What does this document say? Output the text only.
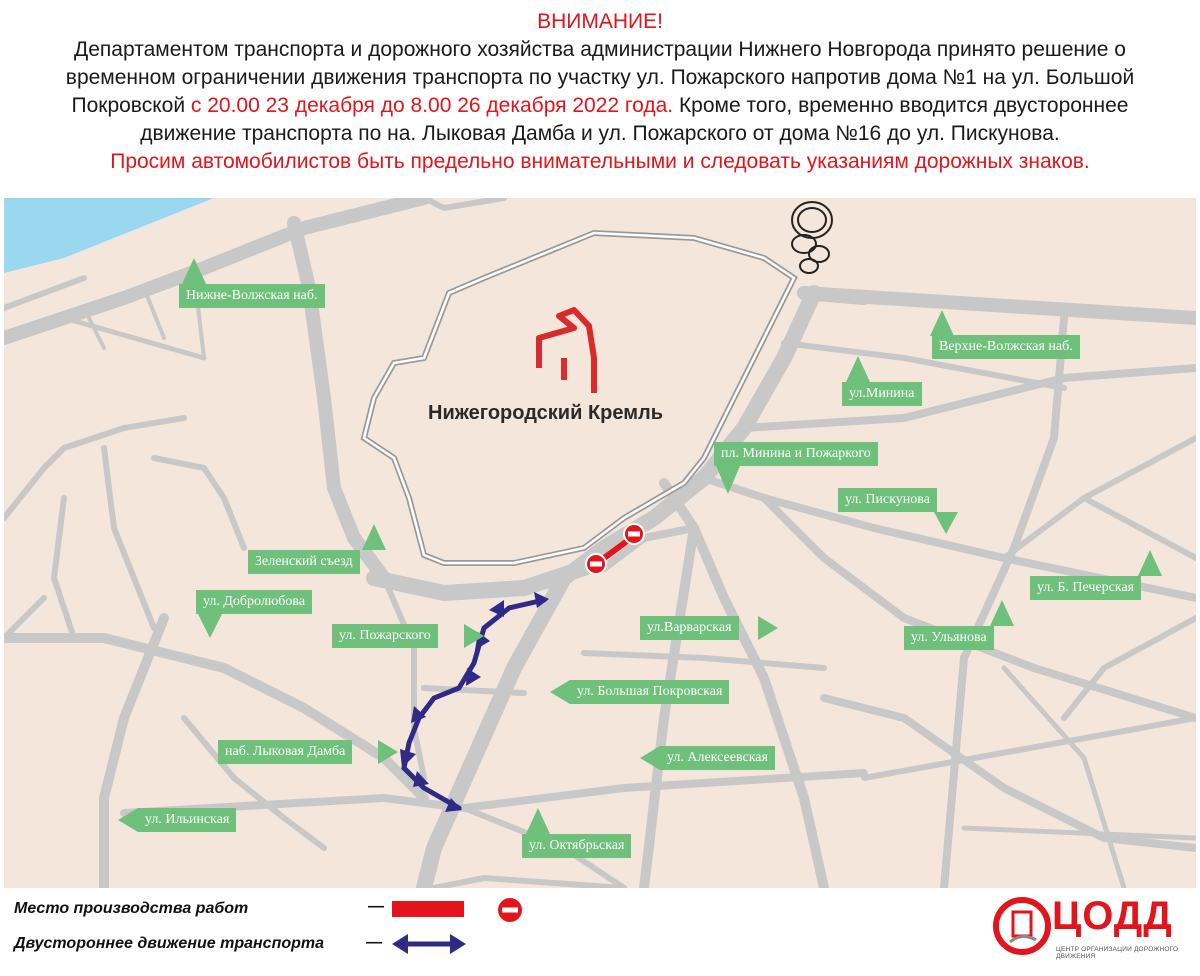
ВНИМАНИЕ!
Департаментом транспорта и дорожного хозяйства администрации Нижнего Новгорода принято решение о
временном ограничении движения транспорта по участку ул. Пожарского напротив дома №1 на ул. Большой
Покровской с 20.00 23 декабря до 8.00 26 декабря 2022 года. Кроме того, временно вводится двустороннее
движение транспорта по на. Лыковая Дамба и ул. Пожарского от дома №16 до ул. Пискунова.
Просим автомобилистов быть предельно внимательными и следовать указаниям дорожных знаков.
Нижегородский Кремль
Нижне-Волжская наб.
Верхне-Волжская наб.
ул.Минина
пл. Минина и Пожаркого
ул. Пискунова
ул. Б. Печерская
ул. Ульянова
Зеленский съезд
ул. Добролюбова
ул. Пожарского
ул.Варварская
ул. Большая Покровская
наб. Лыковая Дамба	ул. Алексеевская
ул. Ильинская
ул. Октябрьская
Место производства работ	—
Двустороннее движение транспорта	—
ЦОДД
ЦЕНТР ОРГАНИЗАЦИИ ДОРОЖНОГО ДВИЖЕНИЯ
